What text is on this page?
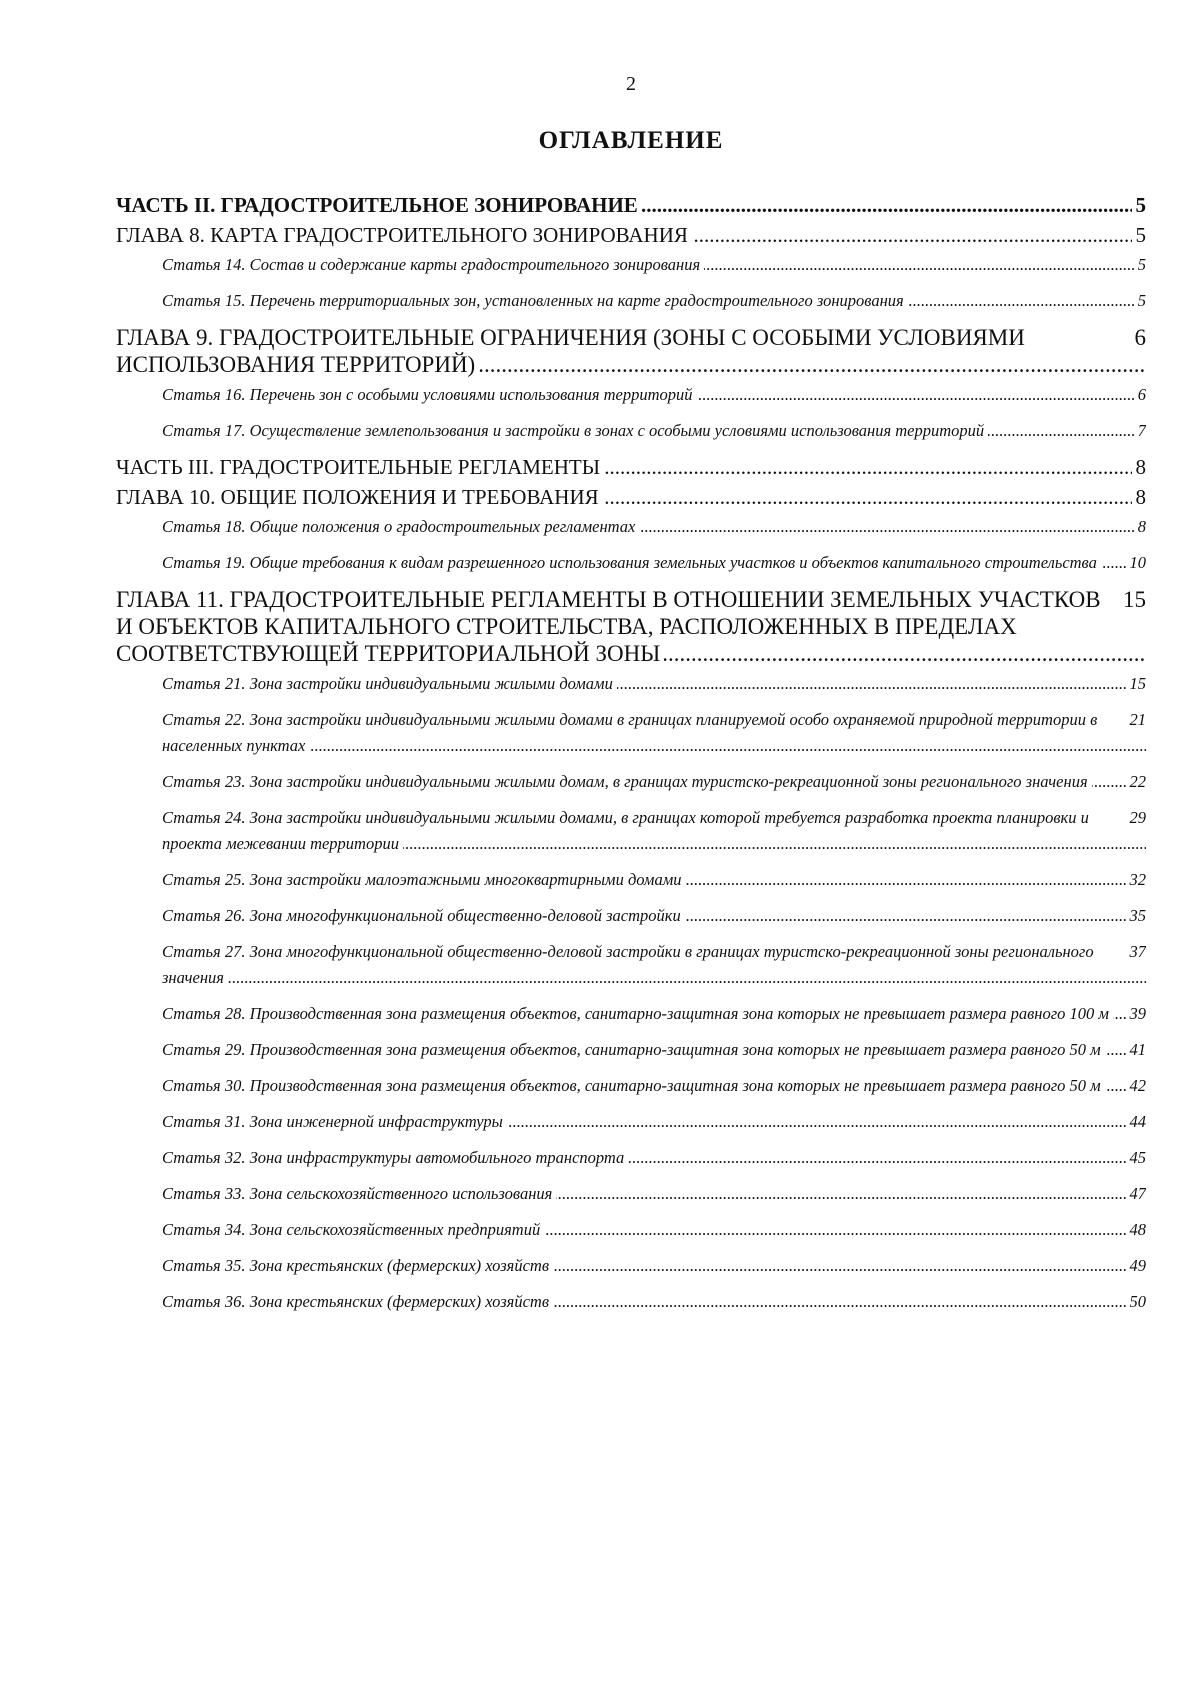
2
ОГЛАВЛЕНИЕ
5
ЧАСТЬ II. ГРАДОСТРОИТЕЛЬНОЕ ЗОНИРОВАНИЕ .....
5
ГЛАВА 8. КАРТА ГРАДОСТРОИТЕЛЬНОГО ЗОНИРОВАНИЯ .....
5
Статья 14. Состав и содержание карты градостроительного зонирования .....
5
Статья 15. Перечень территориальных зон, установленных на карте градостроительного зонирования .....
6
ГЛАВА 9. ГРАДОСТРОИТЕЛЬНЫЕ ОГРАНИЧЕНИЯ (ЗОНЫ С ОСОБЫМИ УСЛОВИЯМИ ИСПОЛЬЗОВАНИЯ ТЕРРИТОРИЙ) .....
6
Статья 16. Перечень зон с особыми условиями использования территорий .....
7
Статья 17. Осуществление землепользования и застройки в зонах с особыми условиями использования территорий .....
8
ЧАСТЬ III. ГРАДОСТРОИТЕЛЬНЫЕ РЕГЛАМЕНТЫ .....
8
ГЛАВА 10. ОБЩИЕ ПОЛОЖЕНИЯ И ТРЕБОВАНИЯ .....
8
Статья 18. Общие положения о градостроительных регламентах .....
10
Статья 19. Общие требования к видам разрешенного использования земельных участков и объектов капитального строительства .....
15
ГЛАВА 11. ГРАДОСТРОИТЕЛЬНЫЕ РЕГЛАМЕНТЫ В ОТНОШЕНИИ ЗЕМЕЛЬНЫХ УЧАСТКОВ И ОБЪЕКТОВ КАПИТАЛЬНОГО СТРОИТЕЛЬСТВА, РАСПОЛОЖЕННЫХ В ПРЕДЕЛАХ СООТВЕТСТВУЮЩЕЙ ТЕРРИТОРИАЛЬНОЙ ЗОНЫ .....
15
Статья 21. Зона застройки индивидуальными жилыми домами .....
21
Статья 22. Зона застройки индивидуальными жилыми домами в границах планируемой особо охраняемой природной территории в населенных пунктах .....
22
Статья 23. Зона застройки индивидуальными жилыми домам, в границах туристско-рекреационной зоны регионального значения .....
29
Статья 24. Зона застройки индивидуальными жилыми домами, в границах которой требуется разработка проекта планировки и проекта межевании территории .....
32
Статья 25. Зона застройки малоэтажными многоквартирными домами .....
35
Статья 26. Зона многофункциональной общественно-деловой застройки .....
37
Статья 27. Зона многофункциональной общественно-деловой застройки в границах туристско-рекреационной зоны регионального значения .....
39
Статья 28. Производственная зона размещения объектов, санитарно-защитная зона которых не превышает размера равного 100 м .....
41
Статья 29. Производственная зона размещения объектов, санитарно-защитная зона которых не превышает размера равного 50 м .....
42
Статья 30. Производственная зона размещения объектов, санитарно-защитная зона которых не превышает размера равного 50 м .....
44
Статья 31. Зона инженерной инфраструктуры .....
45
Статья 32. Зона инфраструктуры автомобильного транспорта .....
47
Статья 33. Зона сельскохозяйственного использования .....
48
Статья 34. Зона сельскохозяйственных предприятий .....
49
Статья 35. Зона крестьянских (фермерских) хозяйств .....
50
Статья 36. Зона крестьянских (фермерских) хозяйств .....
